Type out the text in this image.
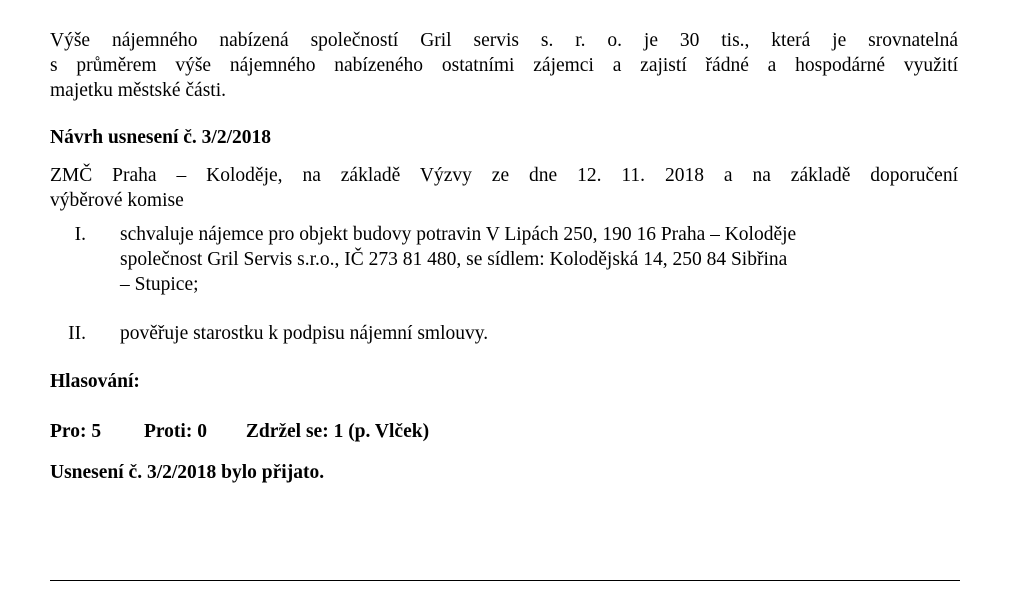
Výše nájemného nabízená společností Gril servis s. r. o. je 30 tis., která je srovnatelná
s průměrem výše nájemného nabízeného ostatními zájemci a zajistí řádné a hospodárné využití
majetku městské části.
Návrh usnesení č. 3/2/2018
ZMČ Praha – Koloděje, na základě Výzvy ze dne 12. 11. 2018 a na základě doporučení
výběrové komise
I.	schvaluje nájemce pro objekt budovy potravin V Lipách 250, 190 16 Praha – Koloděje
společnost Gril Servis s.r.o., IČ 273 81 480, se sídlem: Kolodějská 14, 250 84 Sibřina
– Stupice;
II.	pověřuje starostku k podpisu nájemní smlouvy.
Hlasování:
Pro: 5 Proti: 0 Zdržel se: 1 (p. Vlček)
Usnesení č. 3/2/2018 bylo přijato.
